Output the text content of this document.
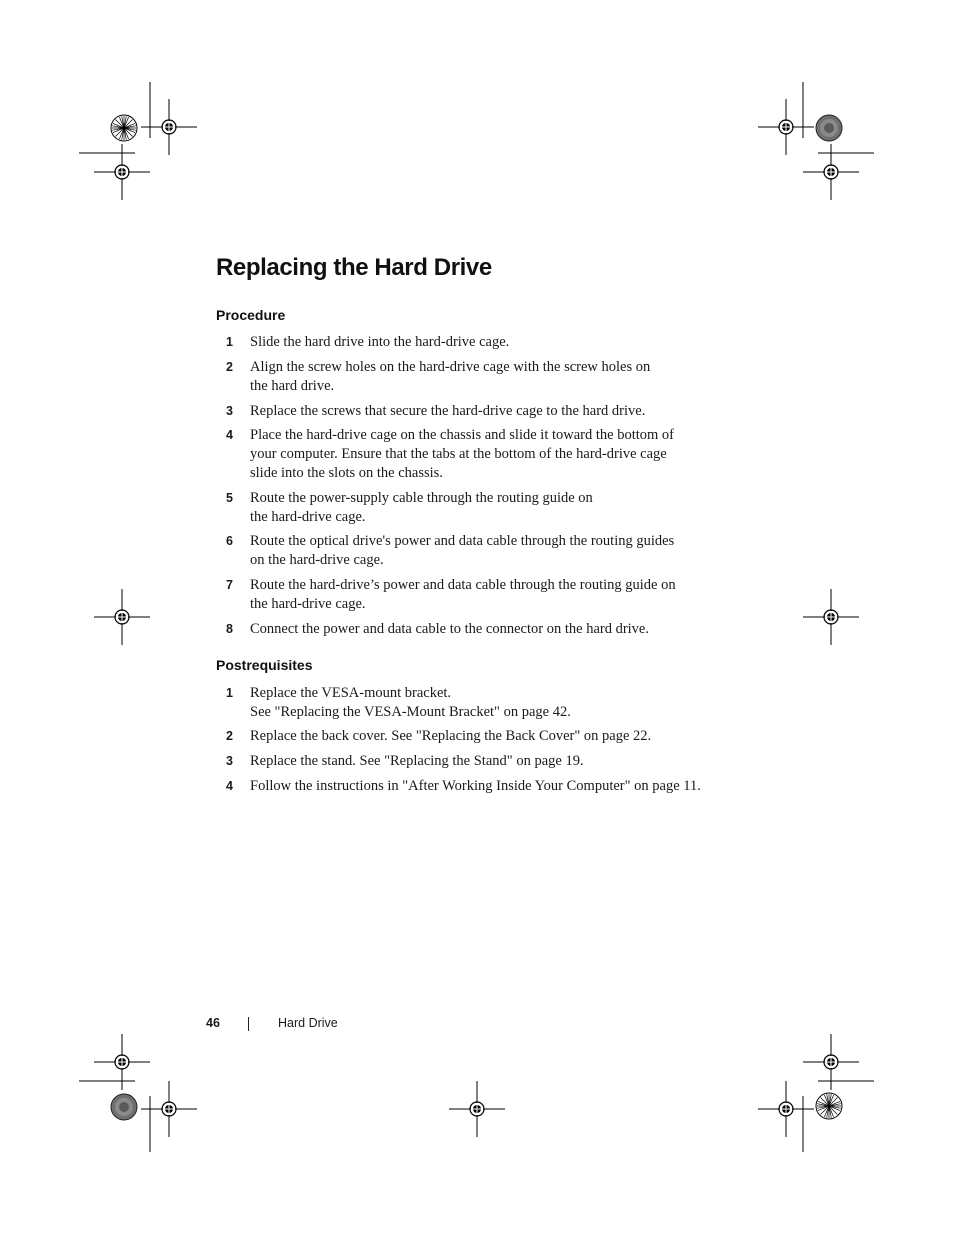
Replacing the Hard Drive
Procedure
1 Slide the hard drive into the hard-drive cage.
2 Align the screw holes on the hard-drive cage with the screw holes on
the hard drive.
3 Replace the screws that secure the hard-drive cage to the hard drive.
4 Place the hard-drive cage on the chassis and slide it toward the bottom of
your computer. Ensure that the tabs at the bottom of the hard-drive cage
slide into the slots on the chassis.
5 Route the power-supply cable through the routing guide on
the hard-drive cage.
6 Route the optical drive's power and data cable through the routing guides
on the hard-drive cage.
7 Route the hard-drive’s power and data cable through the routing guide on
the hard-drive cage.
8 Connect the power and data cable to the connector on the hard drive.
Postrequisites
1 Replace the VESA-mount bracket.
See "Replacing the VESA-Mount Bracket" on page 42.
2 Replace the back cover. See "Replacing the Back Cover" on page 22.
3 Replace the stand. See "Replacing the Stand" on page 19.
4 Follow the instructions in "After Working Inside Your Computer" on page 11.
46	Hard Drive
